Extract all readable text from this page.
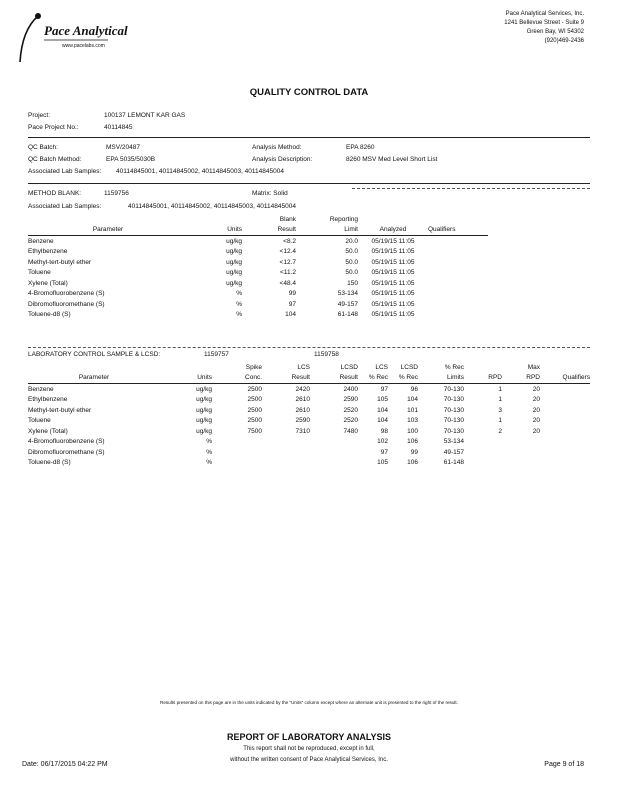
Pace Analytical
www.pacelabs.com
Pace Analytical Services, Inc.
1241 Bellevue Street - Suite 9
Green Bay, WI 54302
(920)469-2436
QUALITY CONTROL DATA
Project:	100137 LEMONT KAR GAS
Pace Project No.:	40114845
QC Batch:	MSV/20487	Analysis Method:	EPA 8260
QC Batch Method:	EPA 5035/5030B	Analysis Description:	8260 MSV Med Level Short List
Associated Lab Samples: 40114845001, 40114845002, 40114845003, 40114845004
METHOD BLANK:	1159756	Matrix: Solid
Associated Lab Samples:	40114845001, 40114845002, 40114845003, 40114845004
		Blank	Reporting		
Parameter	Units	Result	Limit	Analyzed	Qualifiers
Benzene	ug/kg	<8.2	20.0	05/19/15 11:05	
Ethylbenzene	ug/kg	<12.4	50.0	05/19/15 11:05	
Methyl-tert-butyl ether	ug/kg	<12.7	50.0	05/19/15 11:05	
Toluene	ug/kg	<11.2	50.0	05/19/15 11:05	
Xylene (Total)	ug/kg	<48.4	150	05/19/15 11:05	
4-Bromofluorobenzene (S)	%	99	53-134	05/19/15 11:05	
Dibromofluoromethane (S)	%	97	49-157	05/19/15 11:05	
Toluene-d8 (S)	%	104	61-148	05/19/15 11:05	
LABORATORY CONTROL SAMPLE & LCSD:	1159757	1159758
		Spike	LCS	LCSD	LCS	LCSD	% Rec		Max	
Parameter	Units	Conc.	Result	Result	% Rec	% Rec	Limits	RPD	RPD	Qualifiers
Benzene	ug/kg	2500	2420	2400	97	96	70-130	1	20	
Ethylbenzene	ug/kg	2500	2610	2590	105	104	70-130	1	20	
Methyl-tert-butyl ether	ug/kg	2500	2610	2520	104	101	70-130	3	20	
Toluene	ug/kg	2500	2590	2520	104	103	70-130	1	20	
Xylene (Total)	ug/kg	7500	7310	7480	98	100	70-130	2	20	
4-Bromofluorobenzene (S)	%				102	106	53-134			
Dibromofluoromethane (S)	%				97	99	49-157			
Toluene-d8 (S)	%				105	106	61-148			
Results presented on this page are in the units indicated by the "Units" column except where an alternate unit is presented to the right of the result.
REPORT OF LABORATORY ANALYSIS
This report shall not be reproduced, except in full,
without the written consent of Pace Analytical Services, Inc.
Date: 06/17/2015 04:22 PM	Page 9 of 18
